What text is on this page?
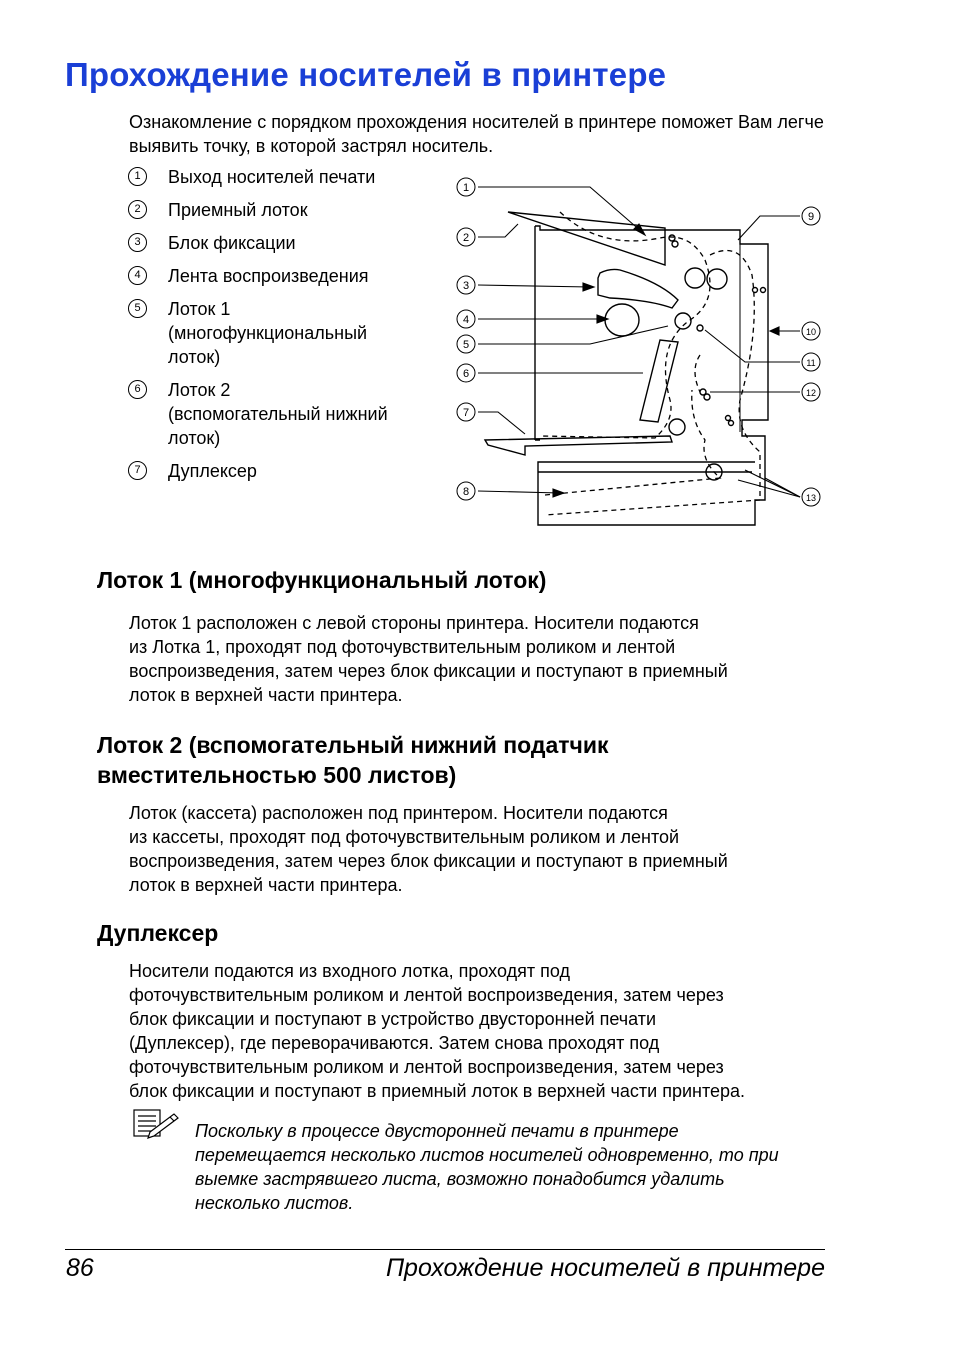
Прохождение носителей в принтере

Ознакомление с порядком прохождения носителей в принтере поможет Вам легче выявить точку, в которой застрял носитель.

1	Выход носителей печати
2	Приемный лоток
3	Блок фиксации
4	Лента воспроизведения
5	Лоток 1
(многофункциональный
лоток)
6	Лоток 2
(вспомогательный нижний
лоток)
7	Дуплексер
1
2
3
4
5
6
7
8
9
10
11
12
13
Лоток 1 (многофункциональный лоток)

Лоток 1 расположен с левой стороны принтера. Носители подаются
из Лотка 1, проходят под фоточувствительным роликом и лентой
воспроизведения, затем через блок фиксации и поступают в приемный
лоток в верхней части принтера.

Лоток 2 (вспомогательный нижний податчик
вместительностью 500 листов)

Лоток (кассета) расположен под принтером. Носители подаются
из кассеты, проходят под фоточувствительным роликом и лентой
воспроизведения, затем через блок фиксации и поступают в приемный
лоток в верхней части принтера.

Дуплексер

Носители подаются из входного лотка, проходят под
фоточувствительным роликом и лентой воспроизведения, затем через
блок фиксации и поступают в устройство двусторонней печати
(Дуплексер), где переворачиваются. Затем снова проходят под
фоточувствительным роликом и лентой воспроизведения, затем через
блок фиксации и поступают в приемный лоток в верхней части принтера.

Поскольку в процессе двусторонней печати в принтере
перемещается несколько листов носителей одновременно, то при
выемке застрявшего листа, возможно понадобится удалить
несколько листов.

86	Прохождение носителей в принтере
